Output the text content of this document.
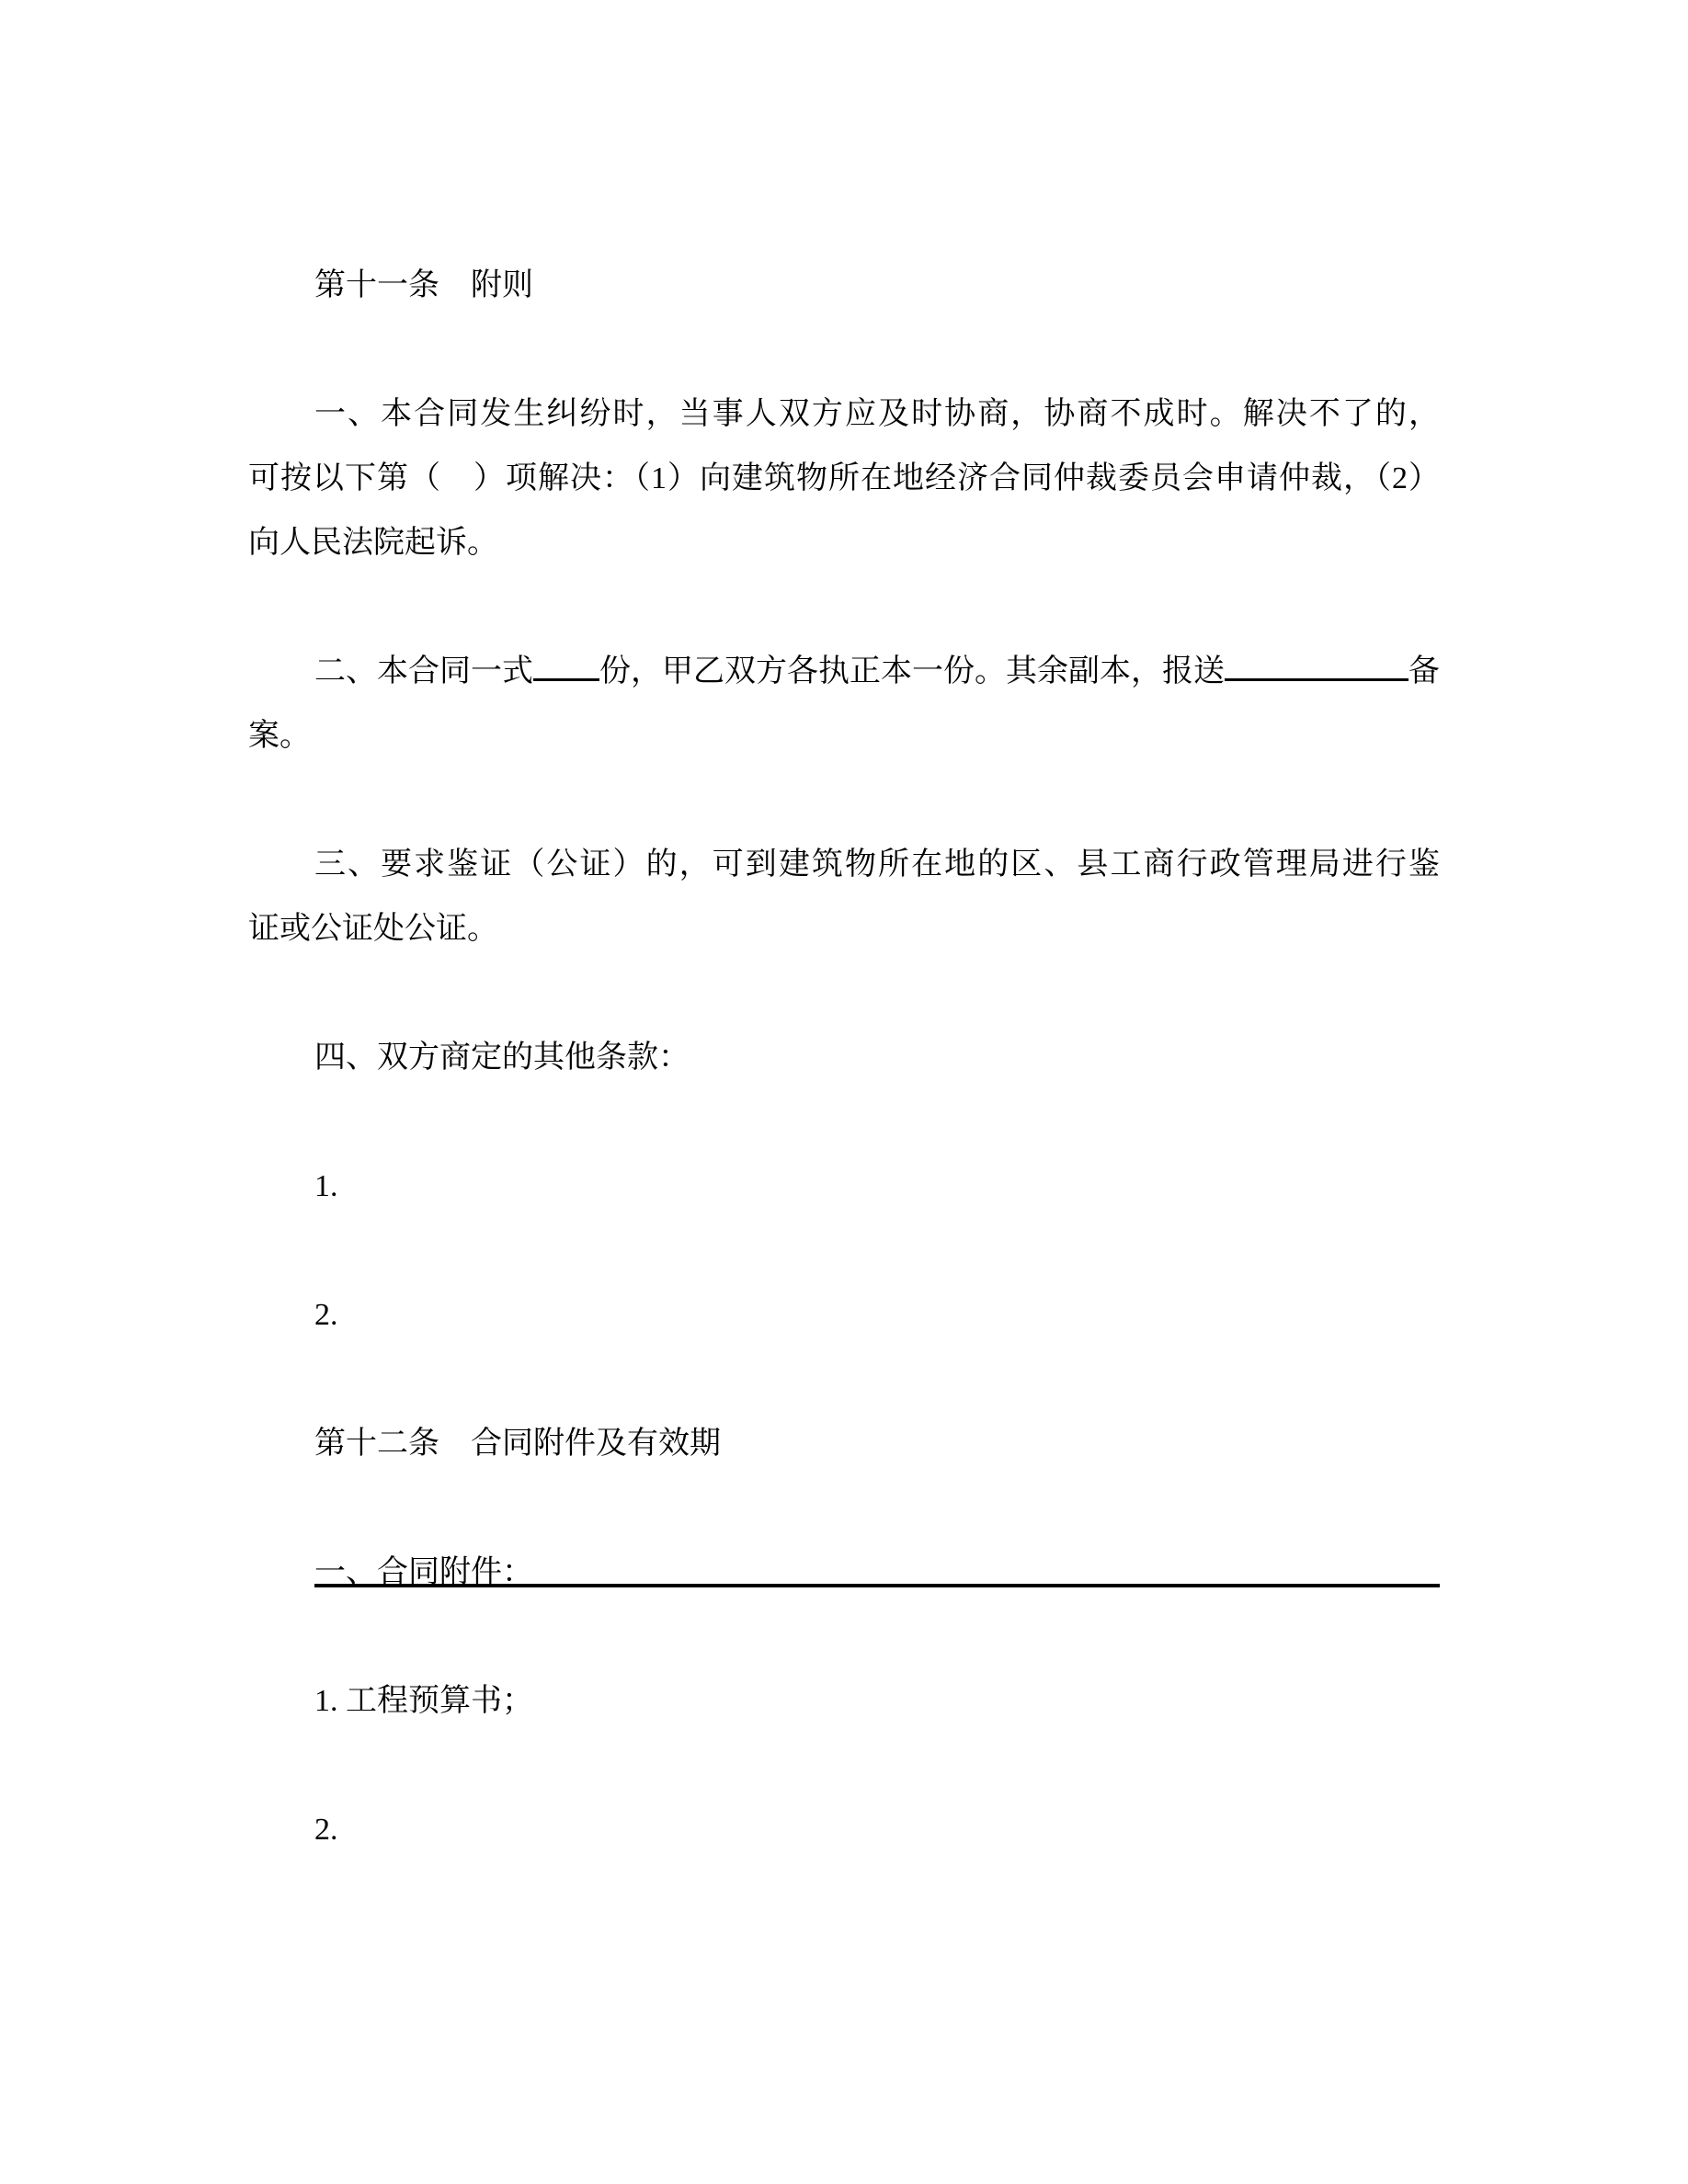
第十一条　附则
一、本合同发生纠纷时，当事人双方应及时协商，协商不成时。解决不了的，
可按以下第（　）项解决：（1）向建筑物所在地经济合同仲裁委员会申请仲裁，（2）
向人民法院起诉。
二、本合同一式 份，甲乙双方各执正本一份。其余副本，报送	备
案。
三、要求鉴证（公证）的，可到建筑物所在地的区、县工商行政管理局进行鉴
证或公证处公证。
四、双方商定的其他条款：
1.
2.
第十二条　合同附件及有效期
一、合同附件：
1. 工程预算书；
2.
